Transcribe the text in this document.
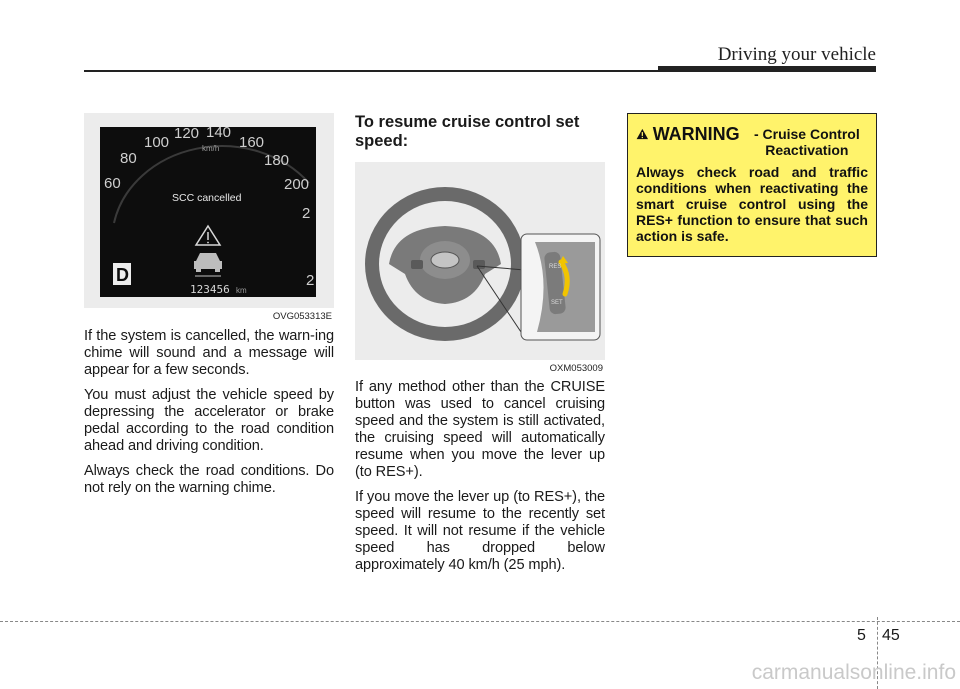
Driving your vehicle
60
80
100
120 140
160
180
200
2
2
km/h
SCC cancelled
D
123456 km
OVG053313E

If the system is cancelled, the warn-ing chime will sound and a message will appear for a few seconds.

You must adjust the vehicle speed by depressing the accelerator or brake pedal according to the road condition ahead and driving condition.

Always check the road conditions. Do not rely on the warning chime.

To resume cruise control set speed:
RES
SET
OXM053009

If any method other than the CRUISE button was used to cancel cruising speed and the system is still activated, the cruising speed will automatically resume when you move the lever up (to RES+).

If you move the lever up (to RES+), the speed will resume to the recently set speed. It will not resume if the vehicle speed has dropped below approximately 40 km/h (25 mph).

WARNING	- Cruise Control Reactivation
Always check road and traffic conditions when reactivating the smart cruise control using the RES+ function to ensure that such action is safe.
5 45
carmanualsonline.info
